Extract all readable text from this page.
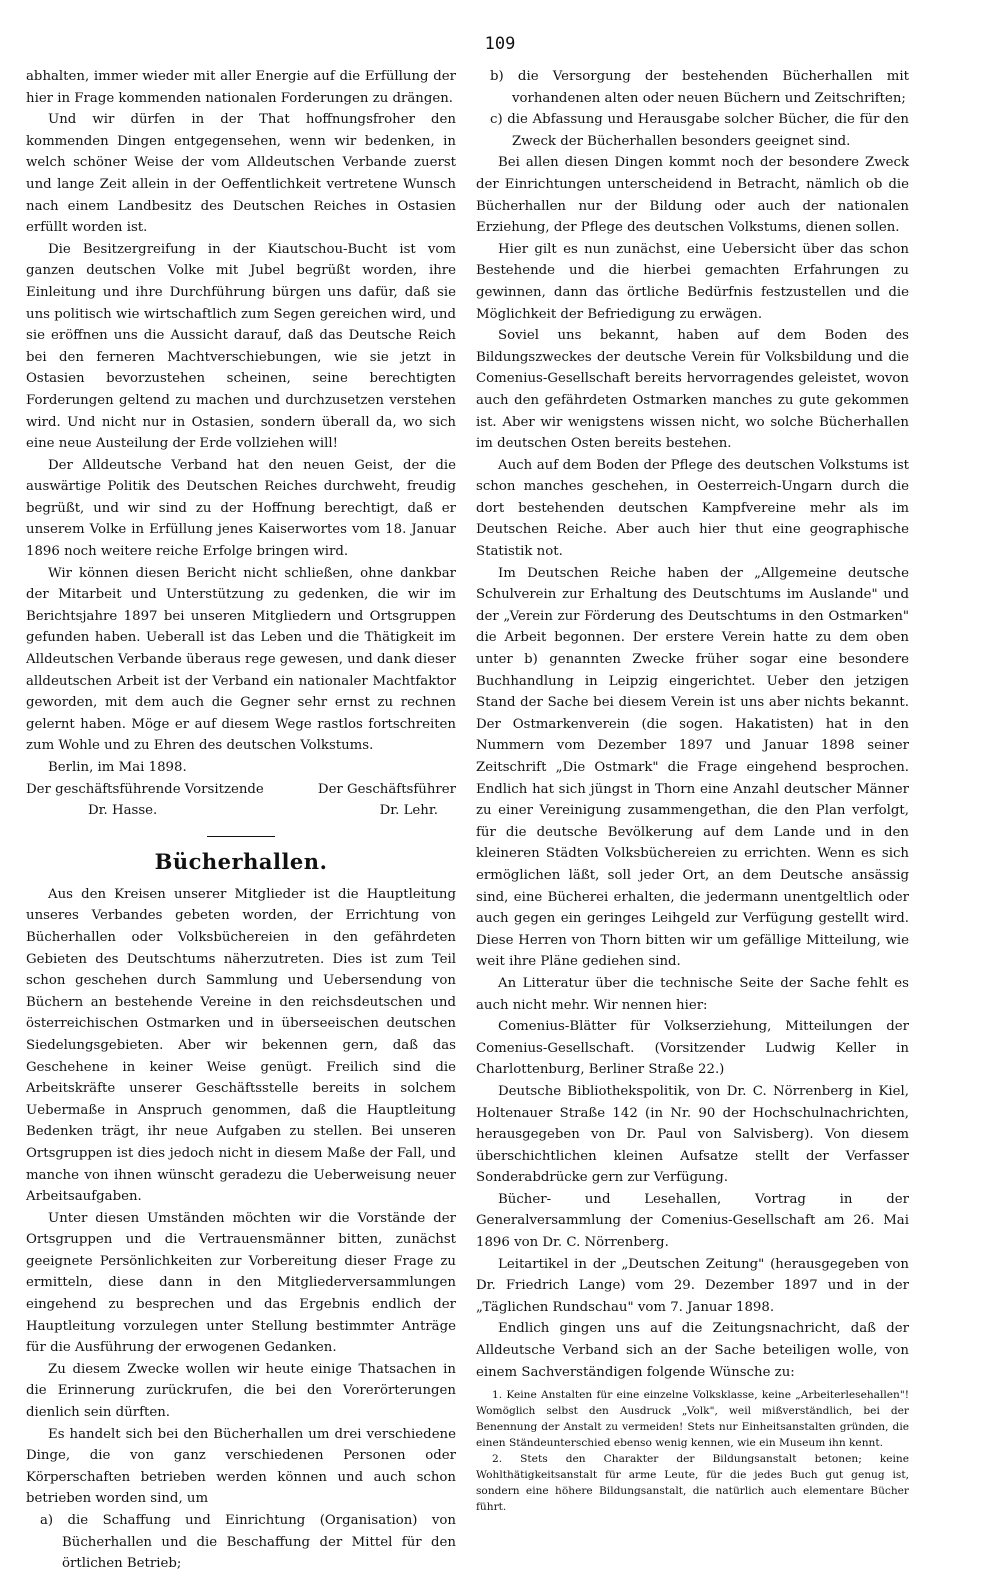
109

abhalten, immer wieder mit aller Energie auf die Erfüllung der hier in Frage kommenden nationalen Forderungen zu drängen.

Und wir dürfen in der That hoffnungsfroher den kommenden Dingen entgegensehen, wenn wir bedenken, in welch schöner Weise der vom Alldeutschen Verbande zuerst und lange Zeit allein in der Oeffentlichkeit vertretene Wunsch nach einem Landbesitz des Deutschen Reiches in Ostasien erfüllt worden ist.

Die Besitzergreifung in der Kiautschou-Bucht ist vom ganzen deutschen Volke mit Jubel begrüßt worden, ihre Einleitung und ihre Durchführung bürgen uns dafür, daß sie uns politisch wie wirtschaftlich zum Segen gereichen wird, und sie eröffnen uns die Aussicht darauf, daß das Deutsche Reich bei den ferneren Machtverschiebungen, wie sie jetzt in Ostasien bevorzustehen scheinen, seine berechtigten Forderungen geltend zu machen und durchzusetzen verstehen wird. Und nicht nur in Ostasien, sondern überall da, wo sich eine neue Austeilung der Erde vollziehen will!

Der Alldeutsche Verband hat den neuen Geist, der die auswärtige Politik des Deutschen Reiches durchweht, freudig begrüßt, und wir sind zu der Hoffnung berechtigt, daß er unserem Volke in Erfüllung jenes Kaiserwortes vom 18. Januar 1896 noch weitere reiche Erfolge bringen wird.

Wir können diesen Bericht nicht schließen, ohne dankbar der Mitarbeit und Unterstützung zu gedenken, die wir im Berichtsjahre 1897 bei unseren Mitgliedern und Ortsgruppen gefunden haben. Ueberall ist das Leben und die Thätigkeit im Alldeutschen Verbande überaus rege gewesen, und dank dieser alldeutschen Arbeit ist der Verband ein nationaler Machtfaktor geworden, mit dem auch die Gegner sehr ernst zu rechnen gelernt haben. Möge er auf diesem Wege rastlos fortschreiten zum Wohle und zu Ehren des deutschen Volkstums.

Berlin, im Mai 1898.

Der geschäftsführende Vorsitzende	Der Geschäftsführer
Dr. Hasse.	Dr. Lehr.
Bücherhallen.

Aus den Kreisen unserer Mitglieder ist die Hauptleitung unseres Verbandes gebeten worden, der Errichtung von Bücherhallen oder Volksbüchereien in den gefährdeten Gebieten des Deutschtums näherzutreten. Dies ist zum Teil schon geschehen durch Sammlung und Uebersendung von Büchern an bestehende Vereine in den reichsdeutschen und österreichischen Ostmarken und in überseeischen deutschen Siedelungsgebieten. Aber wir bekennen gern, daß das Geschehene in keiner Weise genügt. Freilich sind die Arbeitskräfte unserer Geschäftsstelle bereits in solchem Uebermaße in Anspruch genommen, daß die Hauptleitung Bedenken trägt, ihr neue Aufgaben zu stellen. Bei unseren Ortsgruppen ist dies jedoch nicht in diesem Maße der Fall, und manche von ihnen wünscht geradezu die Ueberweisung neuer Arbeitsaufgaben.

Unter diesen Umständen möchten wir die Vorstände der Ortsgruppen und die Vertrauensmänner bitten, zunächst geeignete Persönlichkeiten zur Vorbereitung dieser Frage zu ermitteln, diese dann in den Mitgliederversammlungen eingehend zu besprechen und das Ergebnis endlich der Hauptleitung vorzulegen unter Stellung bestimmter Anträge für die Ausführung der erwogenen Gedanken.

Zu diesem Zwecke wollen wir heute einige Thatsachen in die Erinnerung zurückrufen, die bei den Vorerörterungen dienlich sein dürften.

Es handelt sich bei den Bücherhallen um drei verschiedene Dinge, die von ganz verschiedenen Personen oder Körperschaften betrieben werden können und auch schon betrieben worden sind, um

a) die Schaffung und Einrichtung (Organisation) von Bücherhallen und die Beschaffung der Mittel für den örtlichen Betrieb;

b) die Versorgung der bestehenden Bücherhallen mit vorhandenen alten oder neuen Büchern und Zeitschriften;

c) die Abfassung und Herausgabe solcher Bücher, die für den Zweck der Bücherhallen besonders geeignet sind.

Bei allen diesen Dingen kommt noch der besondere Zweck der Einrichtungen unterscheidend in Betracht, nämlich ob die Bücherhallen nur der Bildung oder auch der nationalen Erziehung, der Pflege des deutschen Volkstums, dienen sollen.

Hier gilt es nun zunächst, eine Uebersicht über das schon Bestehende und die hierbei gemachten Erfahrungen zu gewinnen, dann das örtliche Bedürfnis festzustellen und die Möglichkeit der Befriedigung zu erwägen.

Soviel uns bekannt, haben auf dem Boden des Bildungszweckes der deutsche Verein für Volksbildung und die Comenius-Gesellschaft bereits hervorragendes geleistet, wovon auch den gefährdeten Ostmarken manches zu gute gekommen ist. Aber wir wenigstens wissen nicht, wo solche Bücherhallen im deutschen Osten bereits bestehen.

Auch auf dem Boden der Pflege des deutschen Volkstums ist schon manches geschehen, in Oesterreich-Ungarn durch die dort bestehenden deutschen Kampfvereine mehr als im Deutschen Reiche. Aber auch hier thut eine geographische Statistik not.

Im Deutschen Reiche haben der „Allgemeine deutsche Schulverein zur Erhaltung des Deutschtums im Auslande" und der „Verein zur Förderung des Deutschtums in den Ostmarken" die Arbeit begonnen. Der erstere Verein hatte zu dem oben unter b) genannten Zwecke früher sogar eine besondere Buchhandlung in Leipzig eingerichtet. Ueber den jetzigen Stand der Sache bei diesem Verein ist uns aber nichts bekannt. Der Ostmarkenverein (die sogen. Hakatisten) hat in den Nummern vom Dezember 1897 und Januar 1898 seiner Zeitschrift „Die Ostmark" die Frage eingehend besprochen. Endlich hat sich jüngst in Thorn eine Anzahl deutscher Männer zu einer Vereinigung zusammengethan, die den Plan verfolgt, für die deutsche Bevölkerung auf dem Lande und in den kleineren Städten Volksbüchereien zu errichten. Wenn es sich ermöglichen läßt, soll jeder Ort, an dem Deutsche ansässig sind, eine Bücherei erhalten, die jedermann unentgeltlich oder auch gegen ein geringes Leihgeld zur Verfügung gestellt wird. Diese Herren von Thorn bitten wir um gefällige Mitteilung, wie weit ihre Pläne gediehen sind.

An Litteratur über die technische Seite der Sache fehlt es auch nicht mehr. Wir nennen hier:

Comenius-Blätter für Volkserziehung, Mitteilungen der Comenius-Gesellschaft. (Vorsitzender Ludwig Keller in Charlottenburg, Berliner Straße 22.)

Deutsche Bibliothekspolitik, von Dr. C. Nörrenberg in Kiel, Holtenauer Straße 142 (in Nr. 90 der Hochschulnachrichten, herausgegeben von Dr. Paul von Salvisberg). Von diesem überschichtlichen kleinen Aufsatze stellt der Verfasser Sonderabdrücke gern zur Verfügung.

Bücher- und Lesehallen, Vortrag in der Generalversammlung der Comenius-Gesellschaft am 26. Mai 1896 von Dr. C. Nörrenberg.

Leitartikel in der „Deutschen Zeitung" (herausgegeben von Dr. Friedrich Lange) vom 29. Dezember 1897 und in der „Täglichen Rundschau" vom 7. Januar 1898.

Endlich gingen uns auf die Zeitungsnachricht, daß der Alldeutsche Verband sich an der Sache beteiligen wolle, von einem Sachverständigen folgende Wünsche zu:

1. Keine Anstalten für eine einzelne Volksklasse, keine „Arbeiterlesehallen"! Womöglich selbst den Ausdruck „Volk", weil mißverständlich, bei der Benennung der Anstalt zu vermeiden! Stets nur Einheitsanstalten gründen, die einen Ständeunterschied ebenso wenig kennen, wie ein Museum ihn kennt.

2. Stets den Charakter der Bildungsanstalt betonen; keine Wohlthätigkeitsanstalt für arme Leute, für die jedes Buch gut genug ist, sondern eine höhere Bildungsanstalt, die natürlich auch elementare Bücher führt.
